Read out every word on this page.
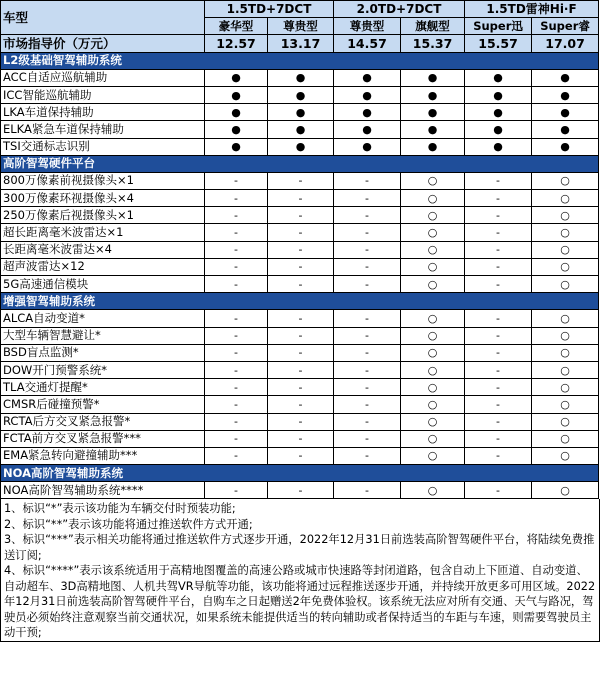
车型	1.5TD+7DCT		2.0TD+7DCT		1.5TD雷神Hi·F	
	豪华型	尊贵型	尊贵型	旗舰型	Super迅	Super睿
市场指导价（万元）	12.57	13.17	14.57	15.37	15.57	17.07
L2级基础智驾辅助系统						
ACC自适应巡航辅助	●	●	●	●	●	●
ICC智能巡航辅助	●	●	●	●	●	●
LKA车道保持辅助	●	●	●	●	●	●
ELKA紧急车道保持辅助	●	●	●	●	●	●
TSI交通标志识别	●	●	●	●	●	●
高阶智驾硬件平台						
800万像素前视摄像头×1	-	-	-	○	-	○
300万像素环视摄像头×4	-	-	-	○	-	○
250万像素后视摄像头×1	-	-	-	○	-	○
超长距离毫米波雷达×1	-	-	-	○	-	○
长距离毫米波雷达×4	-	-	-	○	-	○
超声波雷达×12	-	-	-	○	-	○
5G高速通信模块	-	-	-	○	-	○
增强智驾辅助系统						
ALCA自动变道*	-	-	-	○	-	○
大型车辆智慧避让*	-	-	-	○	-	○
BSD盲点监测*	-	-	-	○	-	○
DOW开门预警系统*	-	-	-	○	-	○
TLA交通灯提醒*	-	-	-	○	-	○
CMSR后碰撞预警*	-	-	-	○	-	○
RCTA后方交叉紧急报警*	-	-	-	○	-	○
FCTA前方交叉紧急报警***	-	-	-	○	-	○
EMA紧急转向避撞辅助***	-	-	-	○	-	○
NOA高阶智驾辅助系统						
NOA高阶智驾辅助系统****	-	-	-	○	-	○

1、标识“*”表示该功能为车辆交付时预装功能;

2、标识“**”表示该功能将通过推送软件方式开通;

3、标识“***”表示相关功能将通过推送软件方式逐步开通，2022年12月31日前选装高阶智驾硬件平台，将陆续免费推送订阅;

4、标识“****”表示该系统适用于高精地图覆盖的高速公路或城市快速路等封闭道路，包含自动上下匝道、自动变道、自动超车、3D高精地图、人机共驾VR导航等功能，该功能将通过远程推送逐步开通，并持续开放更多可用区域。2022年12月31日前选装高阶智驾硬件平台，自购车之日起赠送2年免费体验权。该系统无法应对所有交通、天气与路况，驾驶员必须始终注意观察当前交通状况，如果系统未能提供适当的转向辅助或者保持适当的车距与车速，则需要驾驶员主动干预;
